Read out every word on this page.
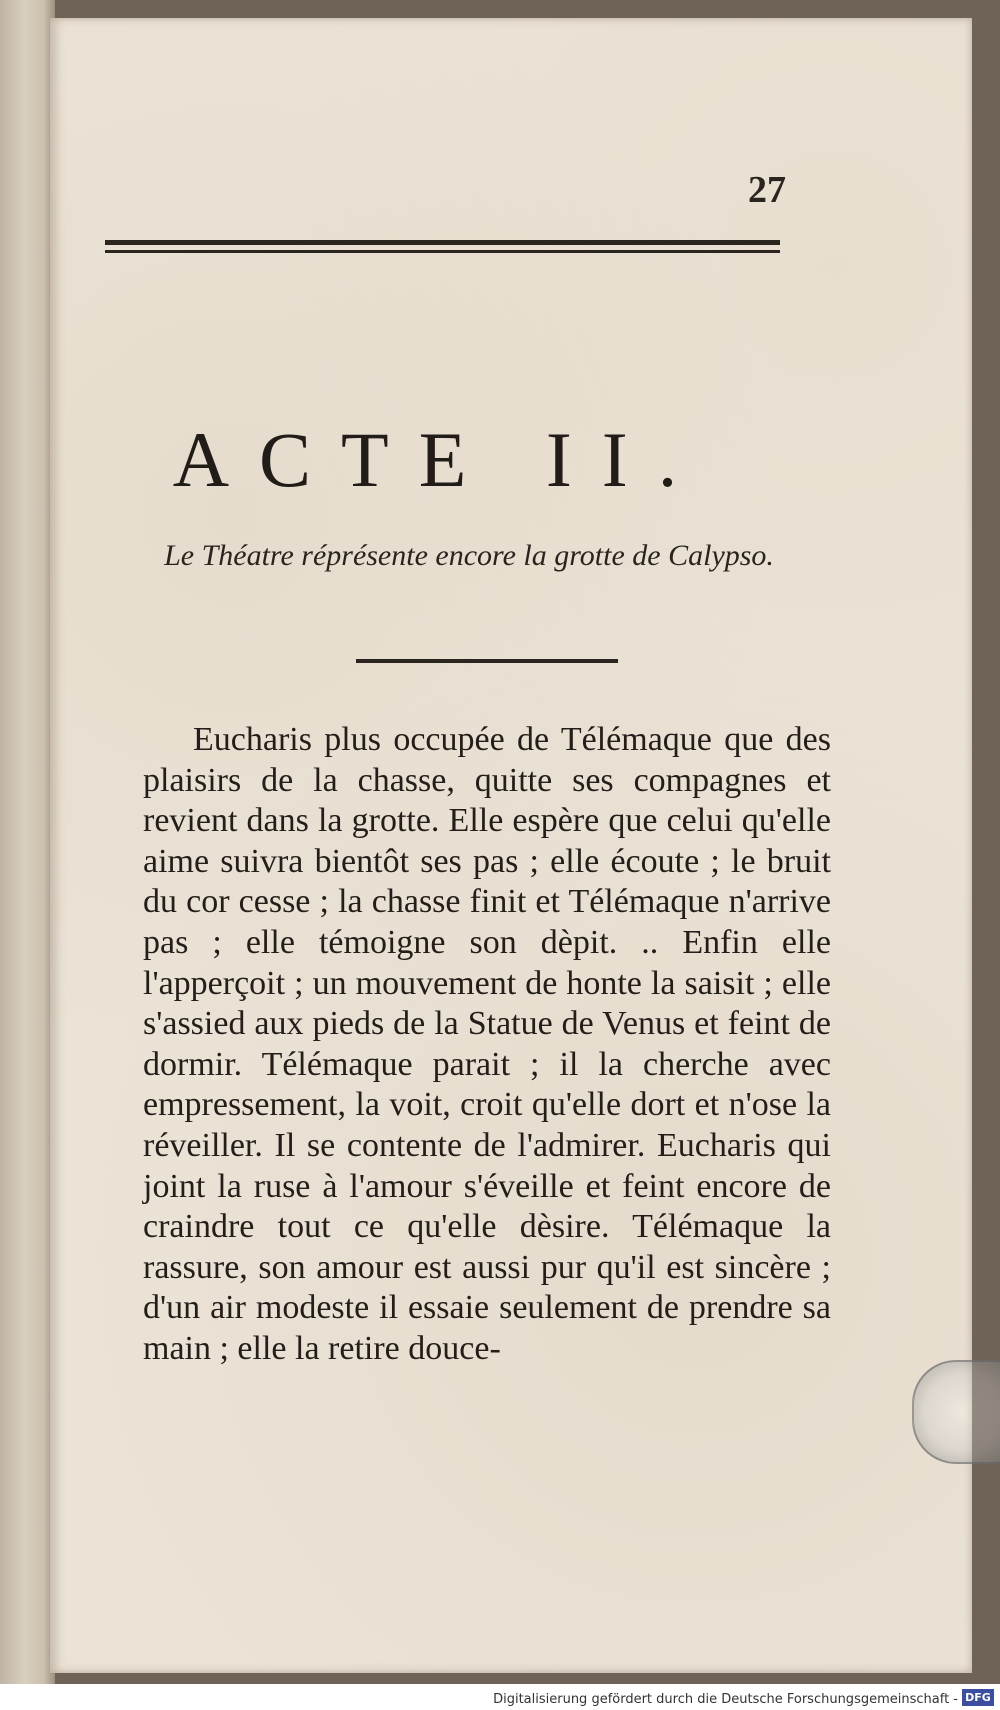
27
ACTE II.
Le Théatre réprésente encore la grotte de Calypso.

Eucharis plus occupée de Télémaque que des plaisirs de la chasse, quitte ses compagnes et revient dans la grotte. Elle espère que celui qu'elle aime suivra bientôt ses pas ; elle écoute ; le bruit du cor cesse ; la chasse finit et Télémaque n'arrive pas ; elle témoigne son dèpit. .. Enfin elle l'apperçoit ; un mouvement de honte la saisit ; elle s'assied aux pieds de la Statue de Venus et feint de dormir. Télémaque parait ; il la cherche avec empressement, la voit, croit qu'elle dort et n'ose la réveiller. Il se contente de l'admirer. Eucharis qui joint la ruse à l'amour s'éveille et feint encore de craindre tout ce qu'elle dèsire. Télémaque la rassure, son amour est aussi pur qu'il est sincère ; d'un air modeste il essaie seulement de prendre sa main ; elle la retire douce-

Digitalisierung gefördert durch die Deutsche Forschungsgemeinschaft - DFG
